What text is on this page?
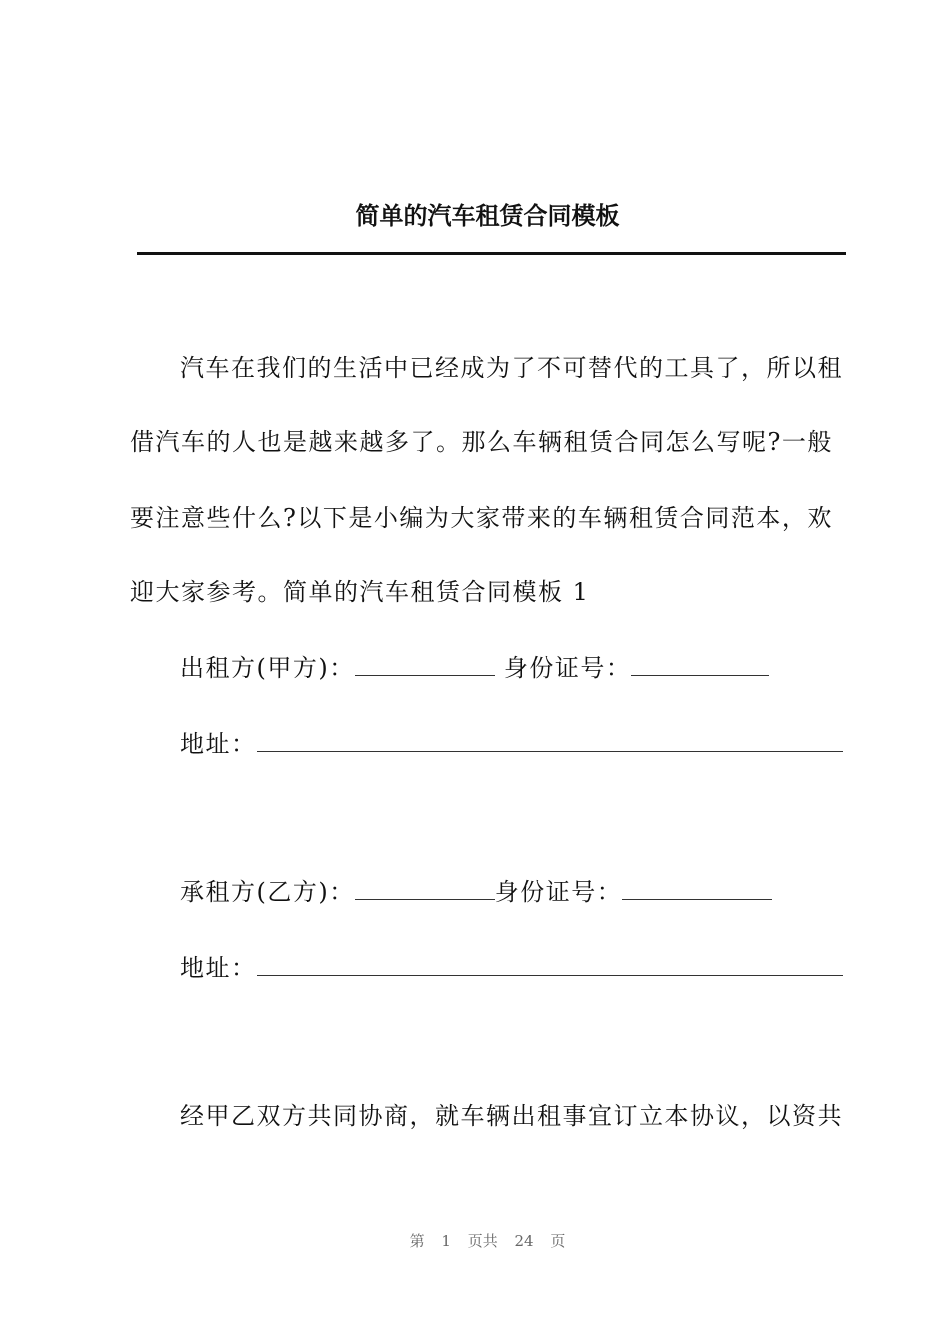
简单的汽车租赁合同模板

汽车在我们的生活中已经成为了不可替代的工具了，所以租

借汽车的人也是越来越多了。那么车辆租赁合同怎么写呢?一般

要注意些什么?以下是小编为大家带来的车辆租赁合同范本，欢

迎大家参考。简单的汽车租赁合同模板 1

出租方(甲方)：	身份证号：

地址：

承租方(乙方)：	身份证号：

地址：

经甲乙双方共同协商，就车辆出租事宜订立本协议，以资共

第 1 页共 24 页
